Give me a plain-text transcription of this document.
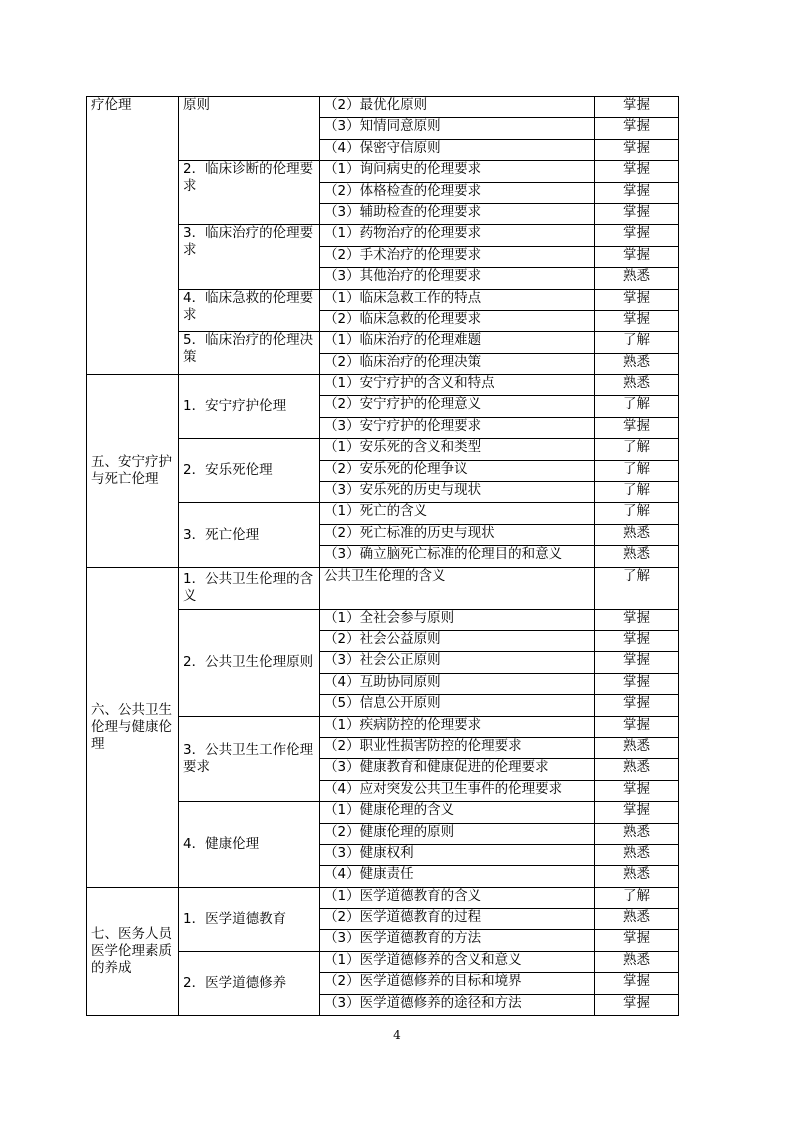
疗伦理	原则	（2）最优化原则	掌握
		（3）知情同意原则	掌握
		（4）保密守信原则	掌握
	2．临床诊断的伦理要求	（1）询问病史的伦理要求	掌握
		（2）体格检查的伦理要求	掌握
		（3）辅助检查的伦理要求	掌握
	3．临床治疗的伦理要求	（1）药物治疗的伦理要求	掌握
		（2）手术治疗的伦理要求	掌握
		（3）其他治疗的伦理要求	熟悉
	4．临床急救的伦理要求	（1）临床急救工作的特点	掌握
		（2）临床急救的伦理要求	掌握
	5．临床治疗的伦理决策	（1）临床治疗的伦理难题	了解
		（2）临床治疗的伦理决策	熟悉
五、安宁疗护与死亡伦理	1．安宁疗护伦理	（1）安宁疗护的含义和特点	熟悉
		（2）安宁疗护的伦理意义	了解
		（3）安宁疗护的伦理要求	掌握
	2．安乐死伦理	（1）安乐死的含义和类型	了解
		（2）安乐死的伦理争议	了解
		（3）安乐死的历史与现状	了解
	3．死亡伦理	（1）死亡的含义	了解
		（2）死亡标准的历史与现状	熟悉
		（3）确立脑死亡标准的伦理目的和意义	熟悉
六、公共卫生伦理与健康伦理	1．公共卫生伦理的含义	公共卫生伦理的含义	了解
	2．公共卫生伦理原则	（1）全社会参与原则	掌握
		（2）社会公益原则	掌握
		（3）社会公正原则	掌握
		（4）互助协同原则	掌握
		（5）信息公开原则	掌握
	3．公共卫生工作伦理要求	（1）疾病防控的伦理要求	掌握
		（2）职业性损害防控的伦理要求	熟悉
		（3）健康教育和健康促进的伦理要求	熟悉
		（4）应对突发公共卫生事件的伦理要求	掌握
	4．健康伦理	（1）健康伦理的含义	掌握
		（2）健康伦理的原则	熟悉
		（3）健康权利	熟悉
		（4）健康责任	熟悉
七、医务人员医学伦理素质的养成	1．医学道德教育	（1）医学道德教育的含义	了解
		（2）医学道德教育的过程	熟悉
		（3）医学道德教育的方法	掌握
	2．医学道德修养	（1）医学道德修养的含义和意义	熟悉
		（2）医学道德修养的目标和境界	掌握
		（3）医学道德修养的途径和方法	掌握
4
